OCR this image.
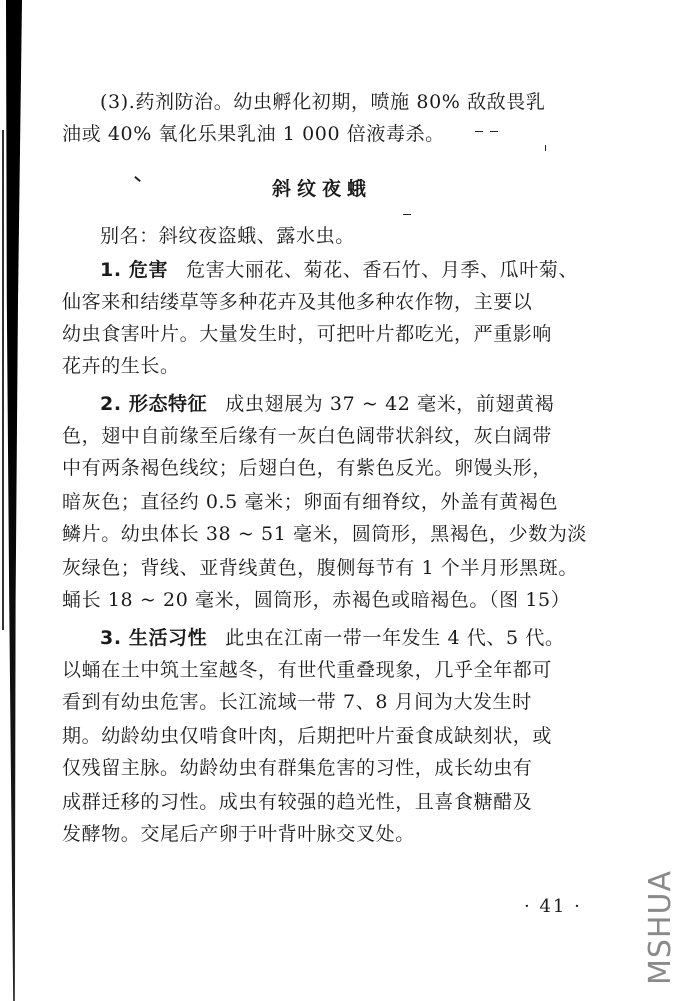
(3).药剂防治。幼虫孵化初期，喷施 80% 敌敌畏乳
油或 40% 氧化乐果乳油 1 000 倍液毒杀。
斜纹夜蛾
别名：斜纹夜盗蛾、露水虫。
1. 危害 危害大丽花、菊花、香石竹、月季、瓜叶菊、
仙客来和结缕草等多种花卉及其他多种农作物，主要以
幼虫食害叶片。大量发生时，可把叶片都吃光，严重影响
花卉的生长。
2. 形态特征 成虫翅展为 37 ~ 42 毫米，前翅黄褐
色，翅中自前缘至后缘有一灰白色阔带状斜纹，灰白阔带
中有两条褐色线纹；后翅白色，有紫色反光。卵馒头形，
暗灰色；直径约 0.5 毫米；卵面有细脊纹，外盖有黄褐色
鳞片。幼虫体长 38 ~ 51 毫米，圆筒形，黑褐色，少数为淡
灰绿色；背线、亚背线黄色，腹侧每节有 1 个半月形黑斑。
蛹长 18 ~ 20 毫米，圆筒形，赤褐色或暗褐色。（图 15）
3. 生活习性 此虫在江南一带一年发生 4 代、5 代。
以蛹在土中筑土室越冬，有世代重叠现象，几乎全年都可
看到有幼虫危害。长江流域一带 7、8 月间为大发生时
期。幼龄幼虫仅啃食叶肉，后期把叶片蚕食成缺刻状，或
仅残留主脉。幼龄幼虫有群集危害的习性，成长幼虫有
成群迁移的习性。成虫有较强的趋光性，且喜食糖醋及
发酵物。交尾后产卵于叶背叶脉交叉处。
· 41 · MSHUA
